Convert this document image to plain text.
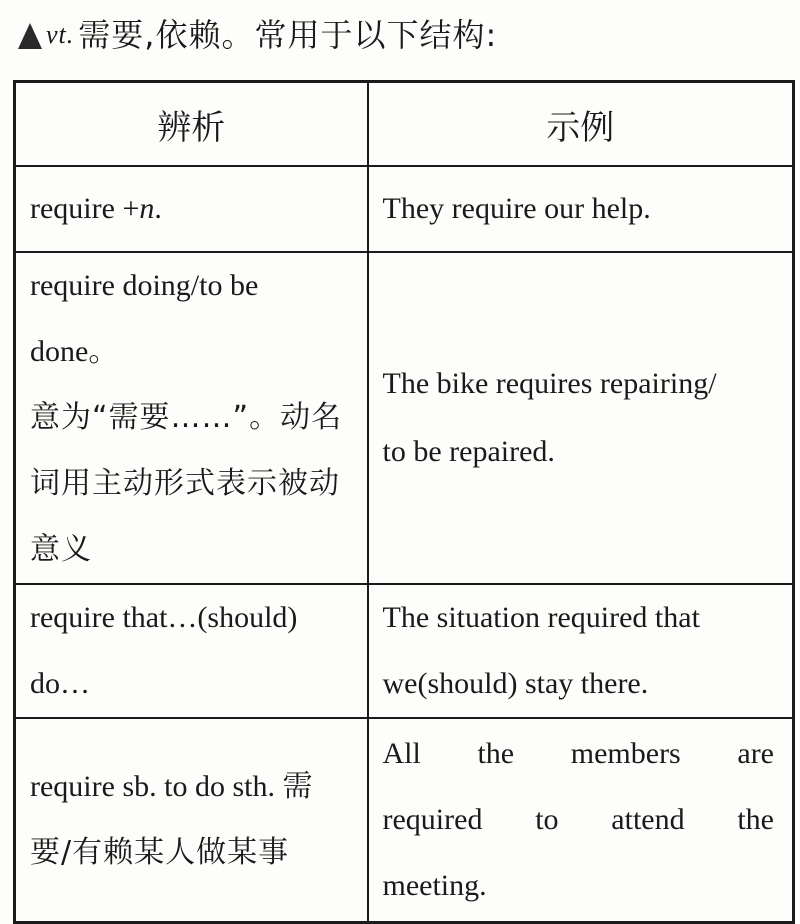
vt. 需要,依赖。常用于以下结构:
辨析	示例
require +n.	They require our help.

require doing/to be done。
意为“需要……”。动名
词用主动形式表示被动
意义	The bike requires repairing/
to be repaired.

require that…(should)
do…	The situation required that
we(should) stay there.

require sb. to do sth. 需
要/有赖某人做某事	All the members are
required to attend the
meeting.
